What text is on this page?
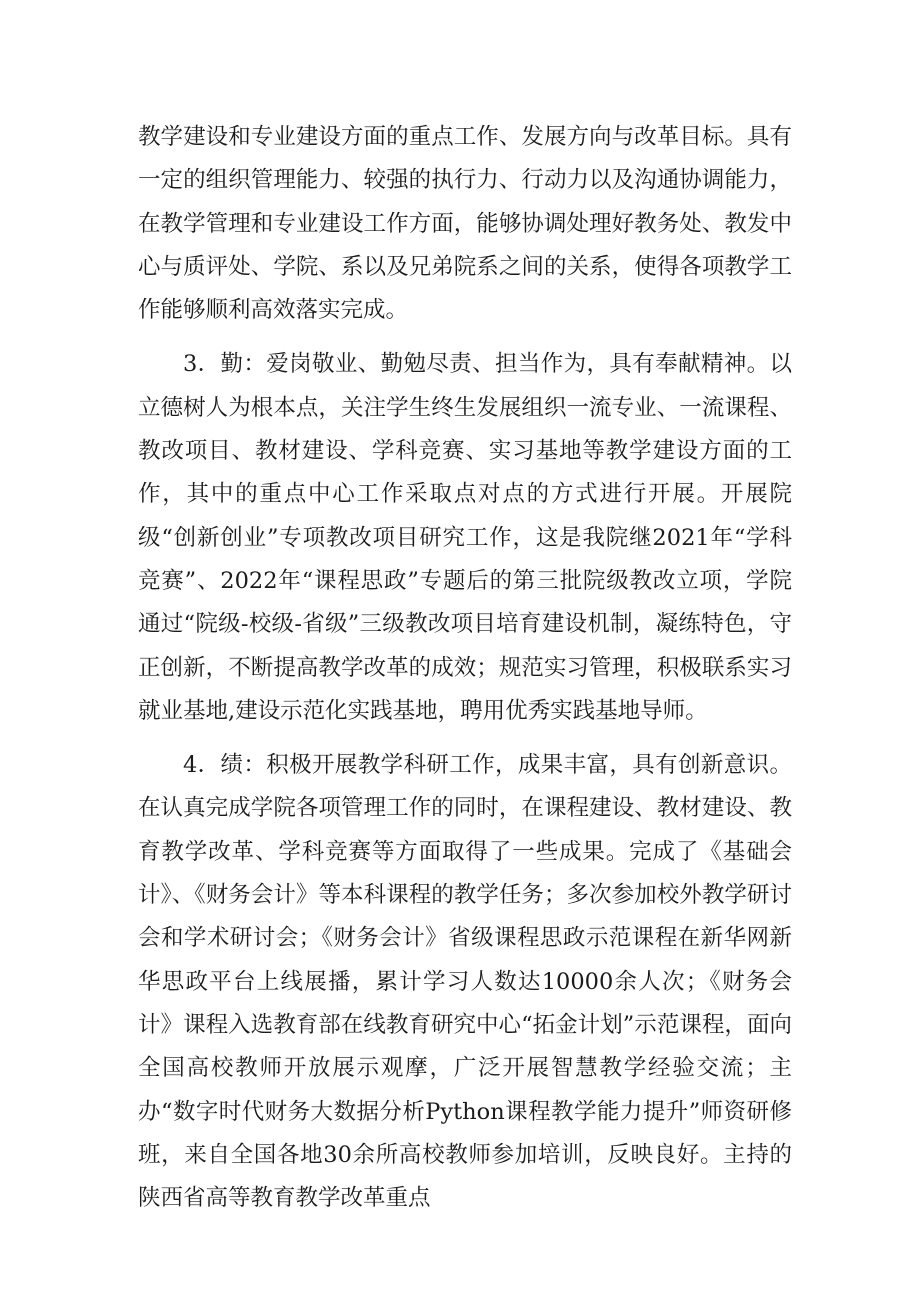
教学建设和专业建设方面的重点工作、发展方向与改革目标。具有一定的组织管理能力、较强的执行力、行动力以及沟通协调能力，在教学管理和专业建设工作方面，能够协调处理好教务处、教发中心与质评处、学院、系以及兄弟院系之间的关系，使得各项教学工作能够顺利高效落实完成。

3．勤：爱岗敬业、勤勉尽责、担当作为，具有奉献精神。以立德树人为根本点，关注学生终生发展组织一流专业、一流课程、教改项目、教材建设、学科竞赛、实习基地等教学建设方面的工作，其中的重点中心工作采取点对点的方式进行开展。开展院级“创新创业”专项教改项目研究工作，这是我院继2021年“学科竞赛”、2022年“课程思政”专题后的第三批院级教改立项，学院通过“院级-校级-省级”三级教改项目培育建设机制，凝练特色，守正创新，不断提高教学改革的成效；规范实习管理，积极联系实习就业基地,建设示范化实践基地，聘用优秀实践基地导师。

4．绩：积极开展教学科研工作，成果丰富，具有创新意识。在认真完成学院各项管理工作的同时，在课程建设、教材建设、教育教学改革、学科竞赛等方面取得了一些成果。完成了《基础会计》、《财务会计》等本科课程的教学任务；多次参加校外教学研讨会和学术研讨会；《财务会计》省级课程思政示范课程在新华网新华思政平台上线展播，累计学习人数达10000余人次；《财务会计》课程入选教育部在线教育研究中心“拓金计划”示范课程，面向全国高校教师开放展示观摩，广泛开展智慧教学经验交流；主办“数字时代财务大数据分析Python课程教学能力提升”师资研修班，来自全国各地30余所高校教师参加培训，反映良好。主持的陕西省高等教育教学改革重点
